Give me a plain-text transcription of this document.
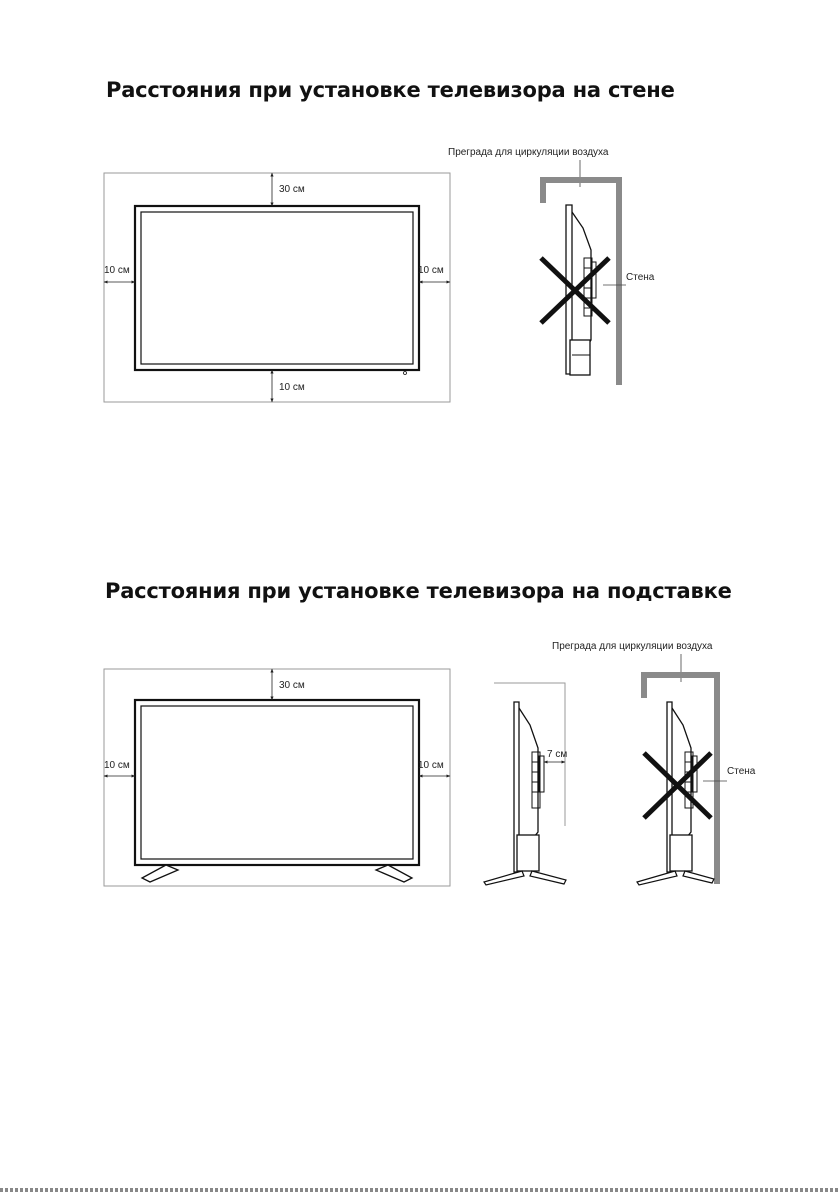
Расстояния при установке телевизора на стене
Расстояния при установке телевизора на подставке
30 см
10 см	10 см
10 см
Преграда для циркуляции воздуха
Стена
30 см
10 см	10 см
7 см
Преграда для циркуляции воздуха
Стена
